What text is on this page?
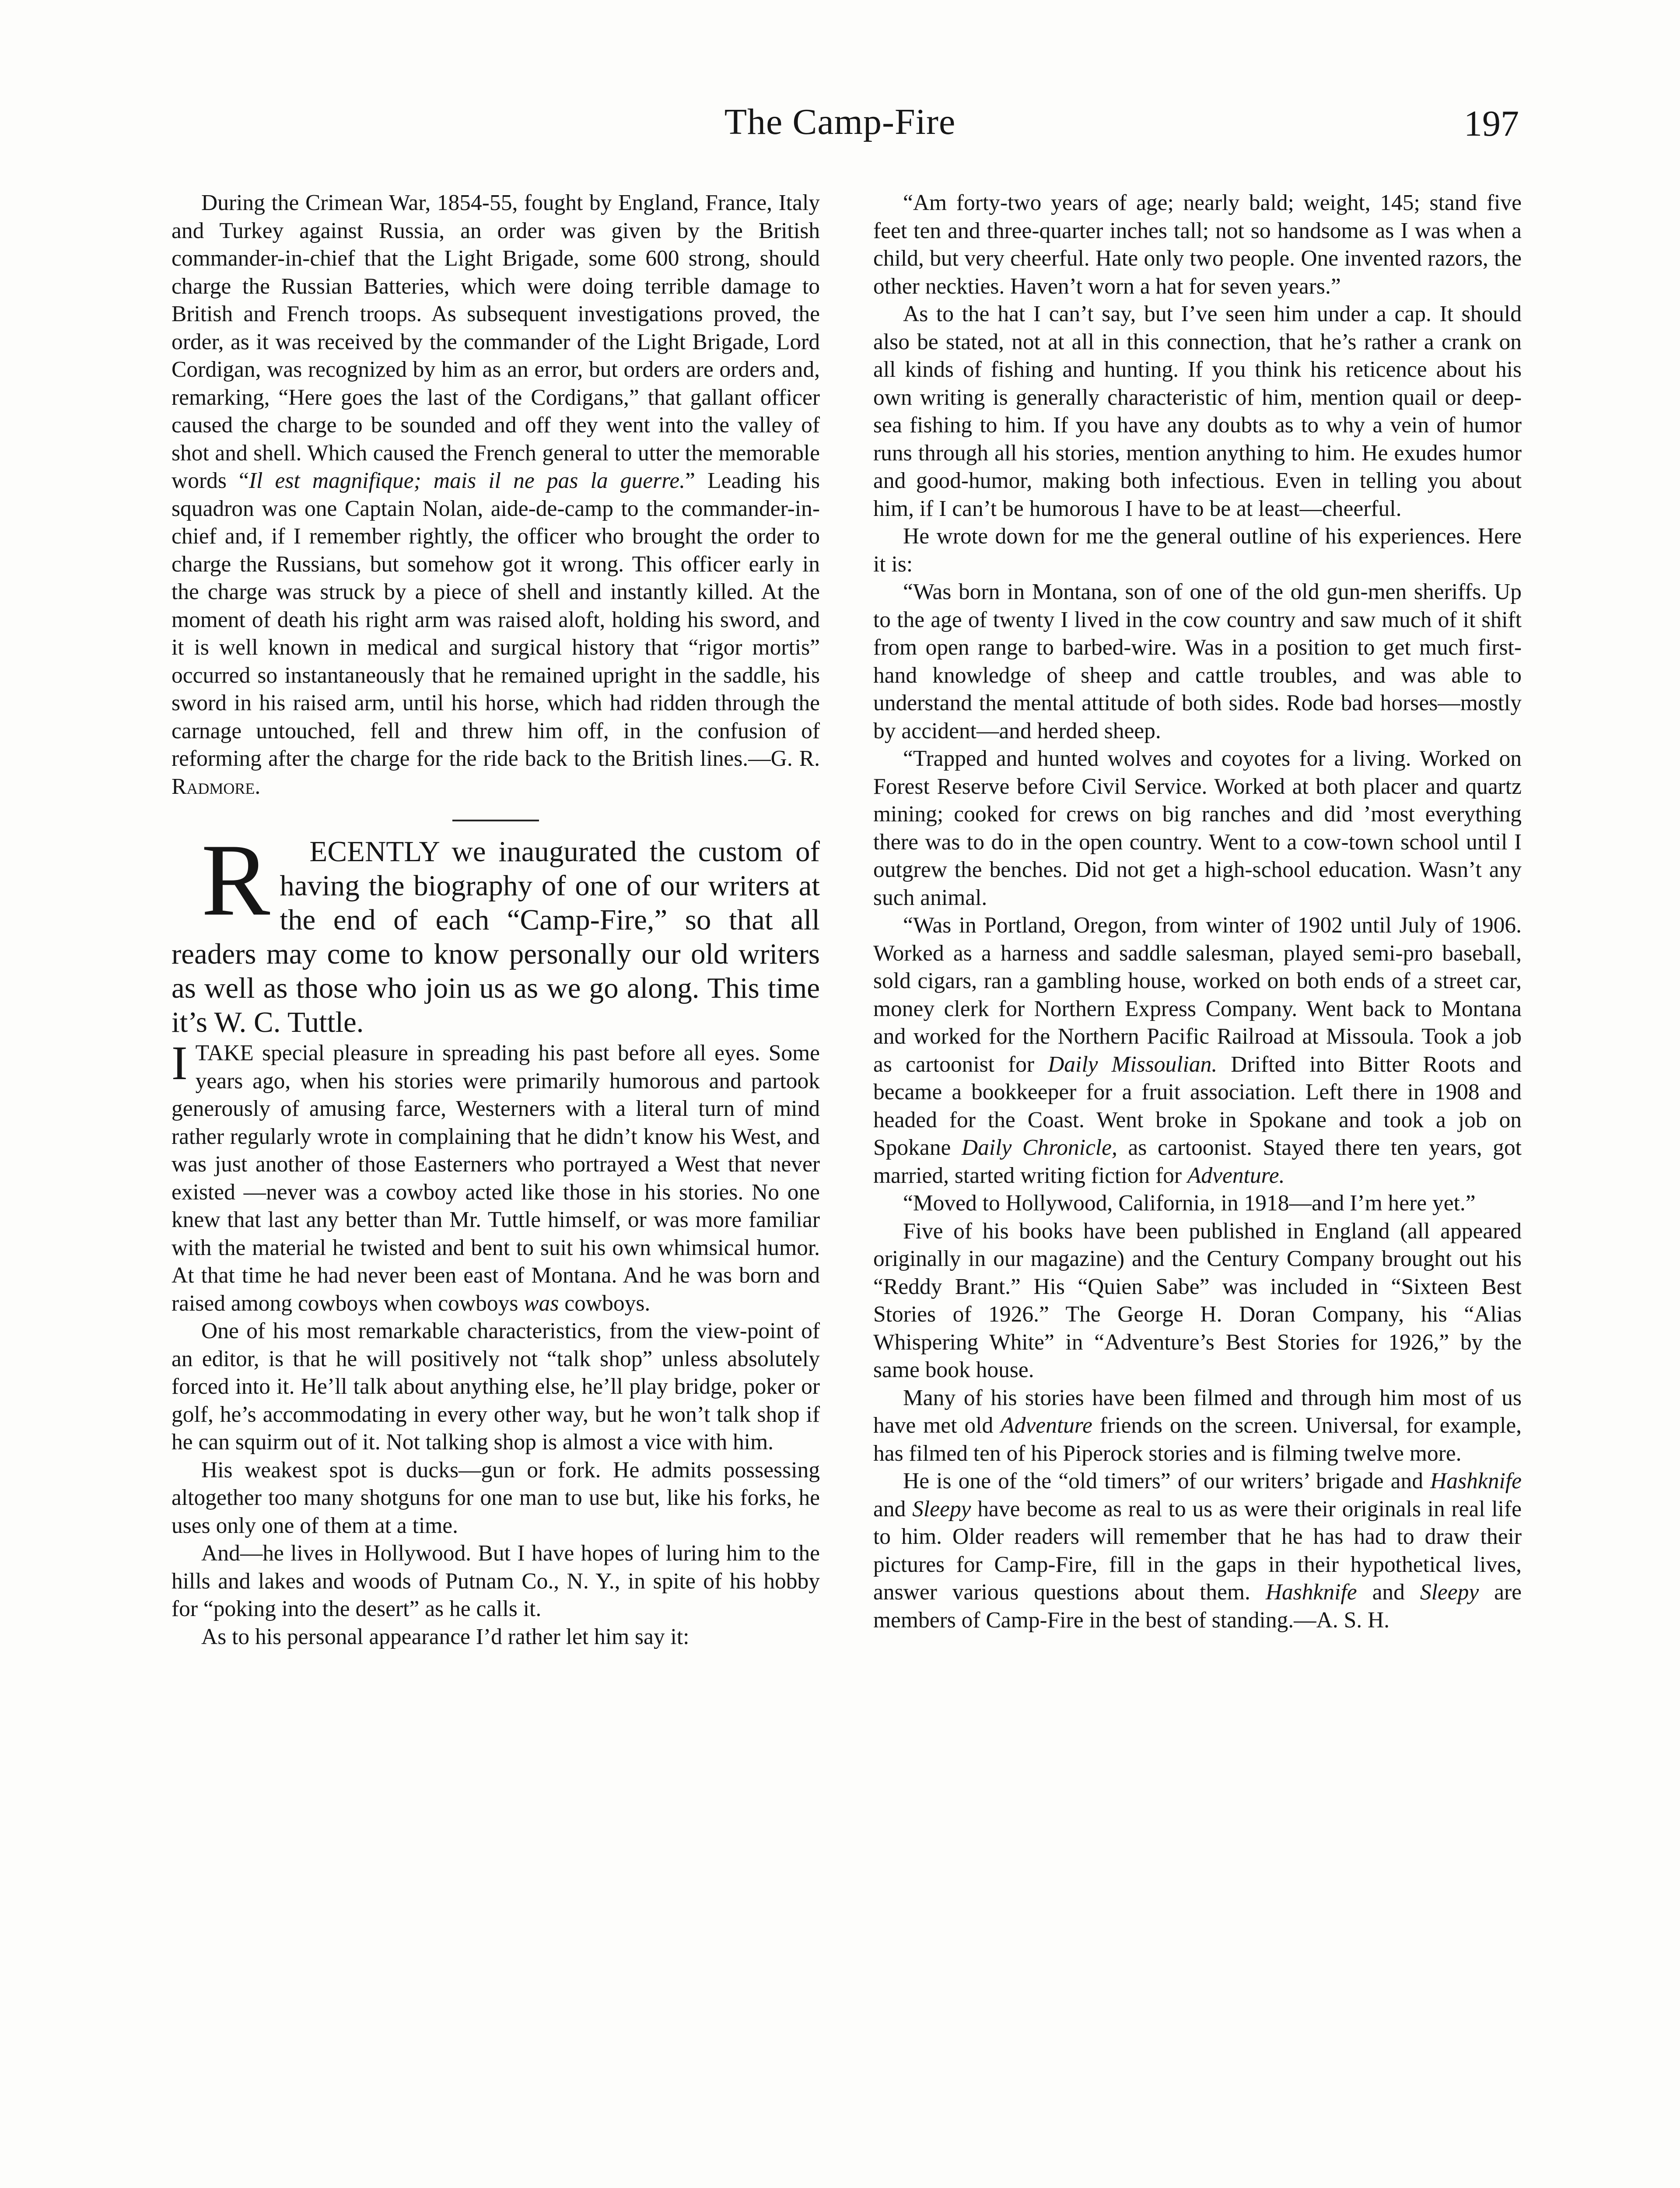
The Camp-Fire	197

During the Crimean War, 1854-55, fought by England, France, Italy and Turkey against Russia, an order was given by the British commander-in-chief that the Light Brigade, some 600 strong, should charge the Russian Batteries, which were doing terrible damage to British and French troops. As subsequent investigations proved, the order, as it was received by the commander of the Light Brigade, Lord Cordigan, was recognized by him as an error, but orders are orders and, remarking, “Here goes the last of the Cordigans,” that gallant officer caused the charge to be sounded and off they went into the valley of shot and shell. Which caused the French general to utter the memorable words “Il est magnifique; mais il ne pas la guerre.” Leading his squadron was one Captain Nolan, aide-de-camp to the commander-in-chief and, if I remember rightly, the officer who brought the order to charge the Russians, but somehow got it wrong. This officer early in the charge was struck by a piece of shell and instantly killed. At the moment of death his right arm was raised aloft, holding his sword, and it is well known in medical and surgical history that “rigor mortis” occurred so instantaneously that he remained upright in the saddle, his sword in his raised arm, until his horse, which had ridden through the carnage untouched, fell and threw him off, in the confusion of reforming after the charge for the ride back to the British lines.—G. R. Radmore.

R ECENTLY we inaugurated the custom of having the biography of one of our writers at the end of each “Camp-Fire,” so that all readers may come to know personally our old writers as well as those who join us as we go along. This time it’s W. C. Tuttle.

ITAKE special pleasure in spreading his past before all eyes. Some years ago, when his stories were primarily humorous and partook generously of amusing farce, Westerners with a literal turn of mind rather regularly wrote in complaining that he didn’t know his West, and was just another of those Easterners who portrayed a West that never existed —never was a cowboy acted like those in his stories. No one knew that last any better than Mr. Tuttle himself, or was more familiar with the material he twisted and bent to suit his own whimsical humor. At that time he had never been east of Montana. And he was born and raised among cowboys when cowboys was cowboys.

One of his most remarkable characteristics, from the view-point of an editor, is that he will positively not “talk shop” unless absolutely forced into it. He’ll talk about anything else, he’ll play bridge, poker or golf, he’s accommodating in every other way, but he won’t talk shop if he can squirm out of it. Not talking shop is almost a vice with him.

His weakest spot is ducks—gun or fork. He admits possessing altogether too many shotguns for one man to use but, like his forks, he uses only one of them at a time.

And—he lives in Hollywood. But I have hopes of luring him to the hills and lakes and woods of Putnam Co., N. Y., in spite of his hobby for “poking into the desert” as he calls it.

As to his personal appearance I’d rather let him say it:

“Am forty-two years of age; nearly bald; weight, 145; stand five feet ten and three-quarter inches tall; not so handsome as I was when a child, but very cheerful. Hate only two people. One invented razors, the other neckties. Haven’t worn a hat for seven years.”

As to the hat I can’t say, but I’ve seen him under a cap. It should also be stated, not at all in this connection, that he’s rather a crank on all kinds of fishing and hunting. If you think his reticence about his own writing is generally characteristic of him, mention quail or deep-sea fishing to him. If you have any doubts as to why a vein of humor runs through all his stories, mention anything to him. He exudes humor and good-humor, making both infectious. Even in telling you about him, if I can’t be humorous I have to be at least—cheerful.

He wrote down for me the general outline of his experiences. Here it is:

“Was born in Montana, son of one of the old gun-men sheriffs. Up to the age of twenty I lived in the cow country and saw much of it shift from open range to barbed-wire. Was in a position to get much first-hand knowledge of sheep and cattle troubles, and was able to understand the mental attitude of both sides. Rode bad horses—mostly by accident—and herded sheep.

“Trapped and hunted wolves and coyotes for a living. Worked on Forest Reserve before Civil Service. Worked at both placer and quartz mining; cooked for crews on big ranches and did ’most everything there was to do in the open country. Went to a cow-town school until I outgrew the benches. Did not get a high-school education. Wasn’t any such animal.

“Was in Portland, Oregon, from winter of 1902 until July of 1906. Worked as a harness and saddle salesman, played semi-pro baseball, sold cigars, ran a gambling house, worked on both ends of a street car, money clerk for Northern Express Company. Went back to Montana and worked for the Northern Pacific Railroad at Missoula. Took a job as cartoonist for Daily Missoulian. Drifted into Bitter Roots and became a bookkeeper for a fruit association. Left there in 1908 and headed for the Coast. Went broke in Spokane and took a job on Spokane Daily Chronicle, as cartoonist. Stayed there ten years, got married, started writing fiction for Adventure.

“Moved to Hollywood, California, in 1918—and I’m here yet.”

Five of his books have been published in England (all appeared originally in our magazine) and the Century Company brought out his “Reddy Brant.” His “Quien Sabe” was included in “Sixteen Best Stories of 1926.” The George H. Doran Company, his “Alias Whispering White” in “Adventure’s Best Stories for 1926,” by the same book house.

Many of his stories have been filmed and through him most of us have met old Adventure friends on the screen. Universal, for example, has filmed ten of his Piperock stories and is filming twelve more.

He is one of the “old timers” of our writers’ brigade and Hashknife and Sleepy have become as real to us as were their originals in real life to him. Older readers will remember that he has had to draw their pictures for Camp-Fire, fill in the gaps in their hypothetical lives, answer various questions about them. Hashknife and Sleepy are members of Camp-Fire in the best of standing.—A. S. H.
